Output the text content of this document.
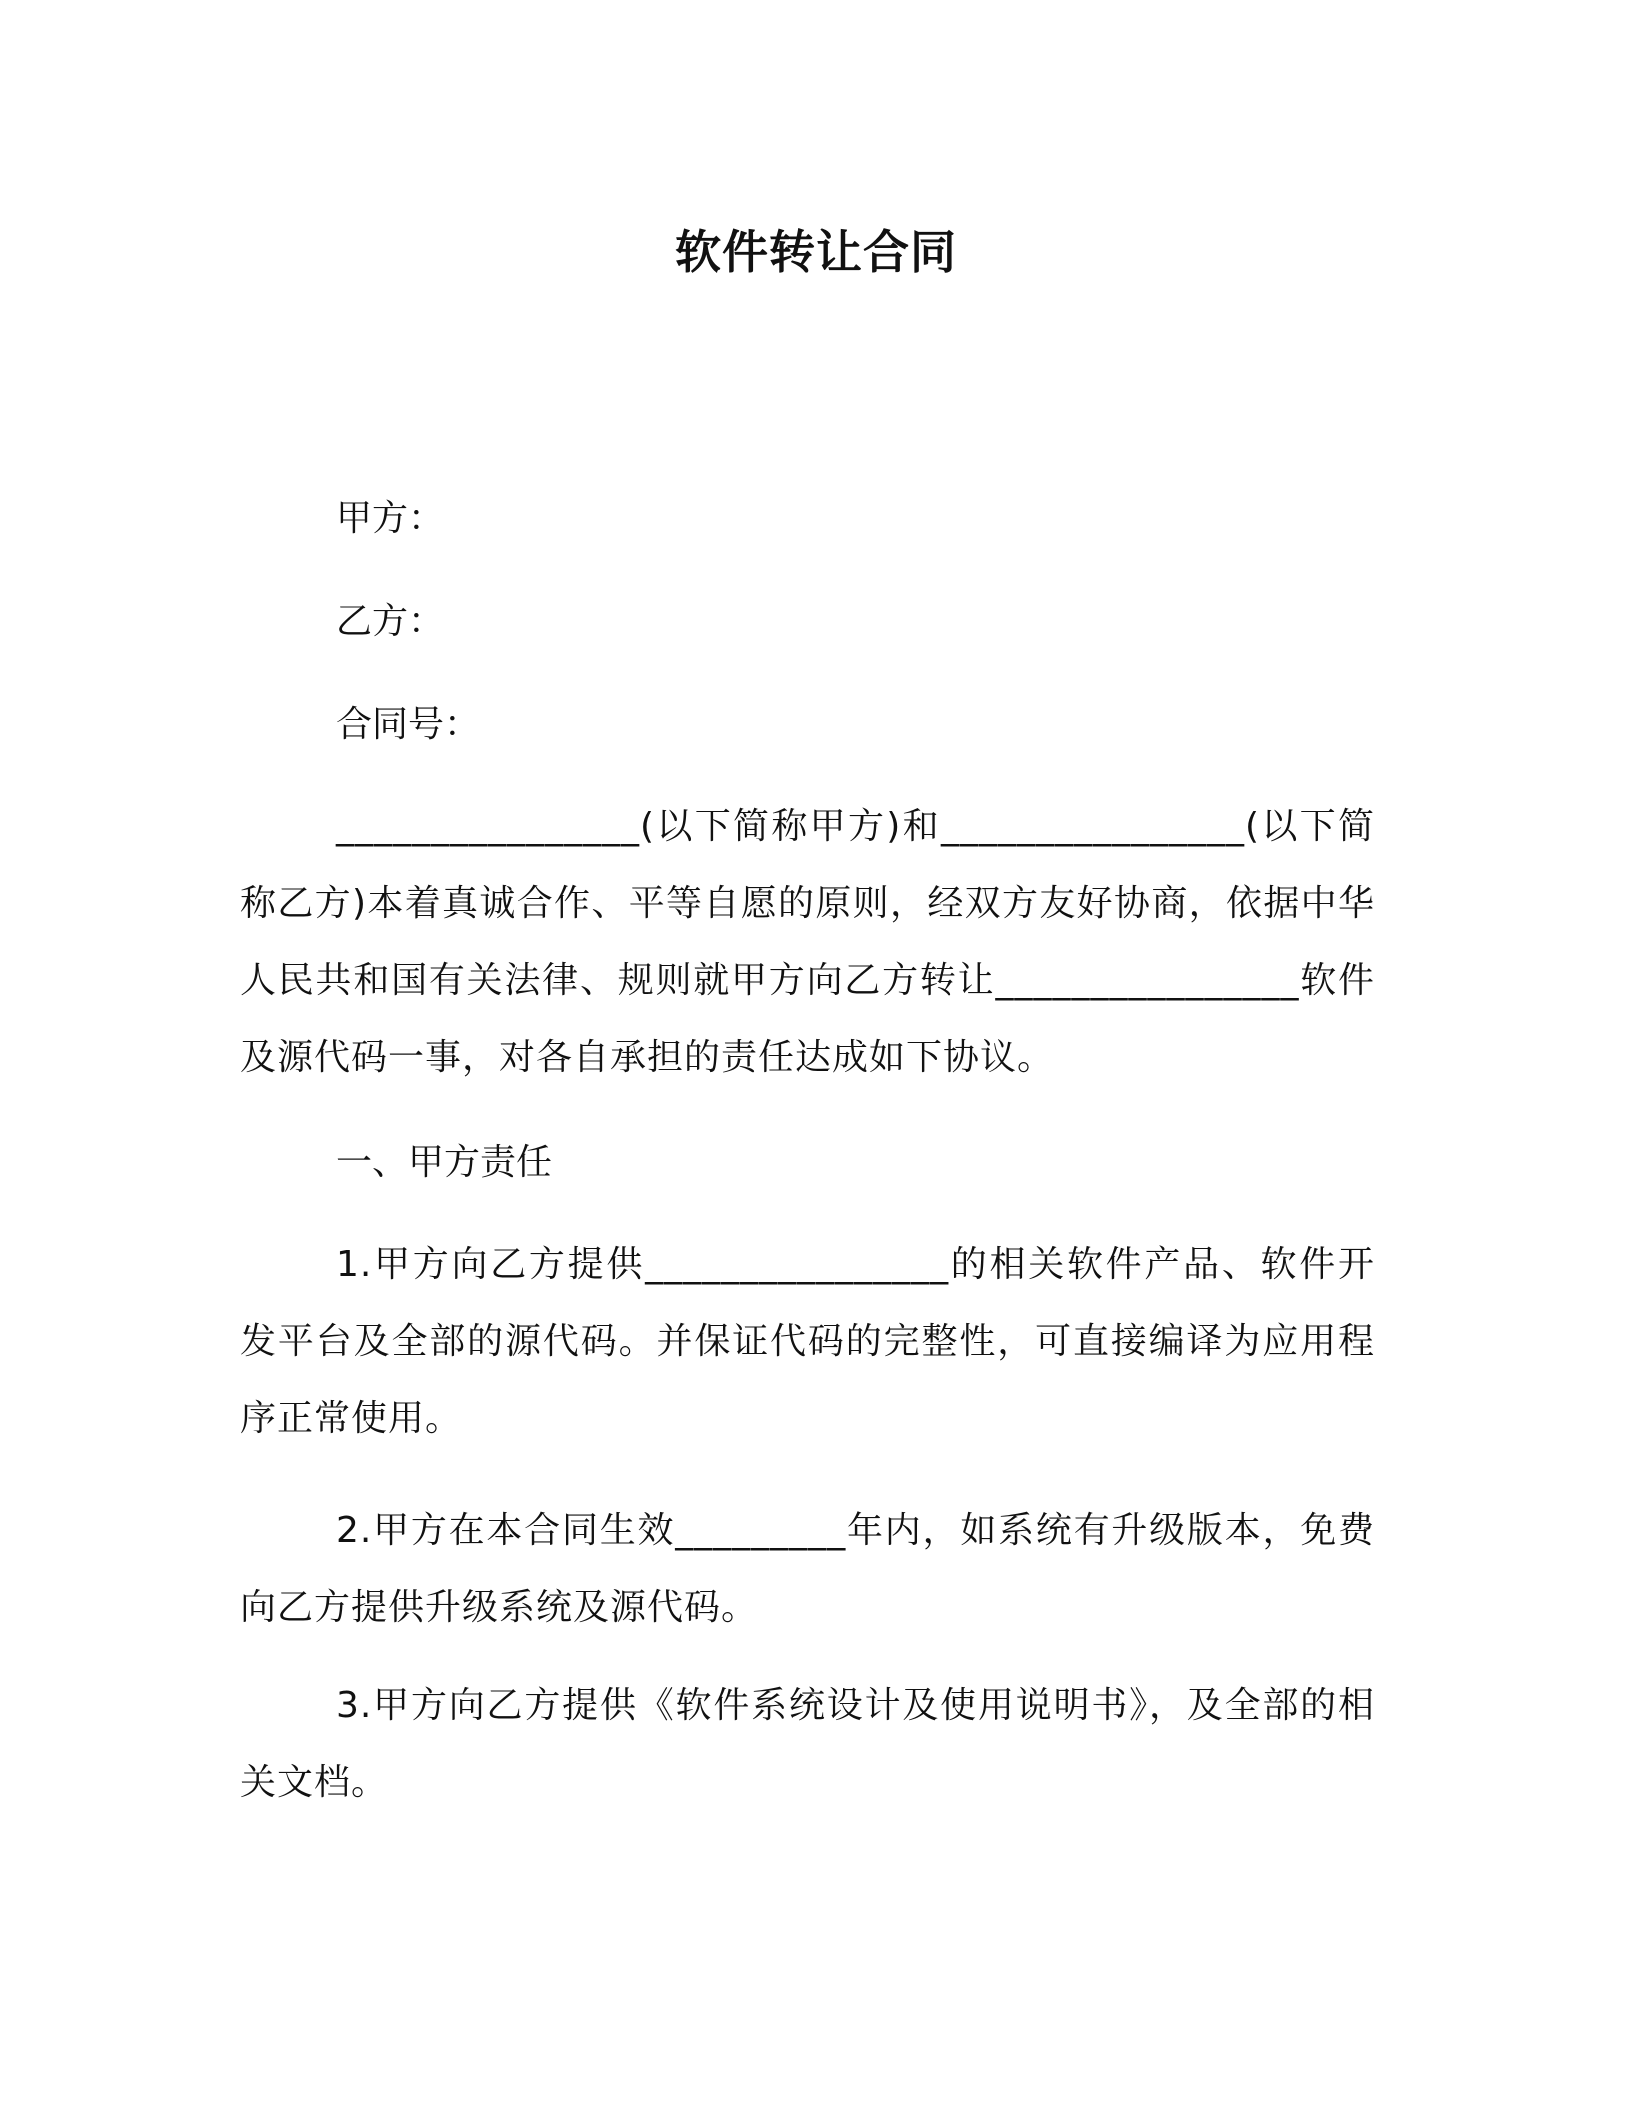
软件转让合同

甲方：

乙方：

合同号：

________________(以下简称甲方)和________________(以下简称乙方)本着真诚合作、平等自愿的原则，经双方友好协商，依据中华人民共和国有关法律、规则就甲方向乙方转让________________软件及源代码一事，对各自承担的责任达成如下协议。

一、甲方责任

1.甲方向乙方提供________________的相关软件产品、软件开发平台及全部的源代码。并保证代码的完整性，可直接编译为应用程序正常使用。

2.甲方在本合同生效_________年内，如系统有升级版本，免费向乙方提供升级系统及源代码。

3.甲方向乙方提供《软件系统设计及使用说明书》，及全部的相关文档。
